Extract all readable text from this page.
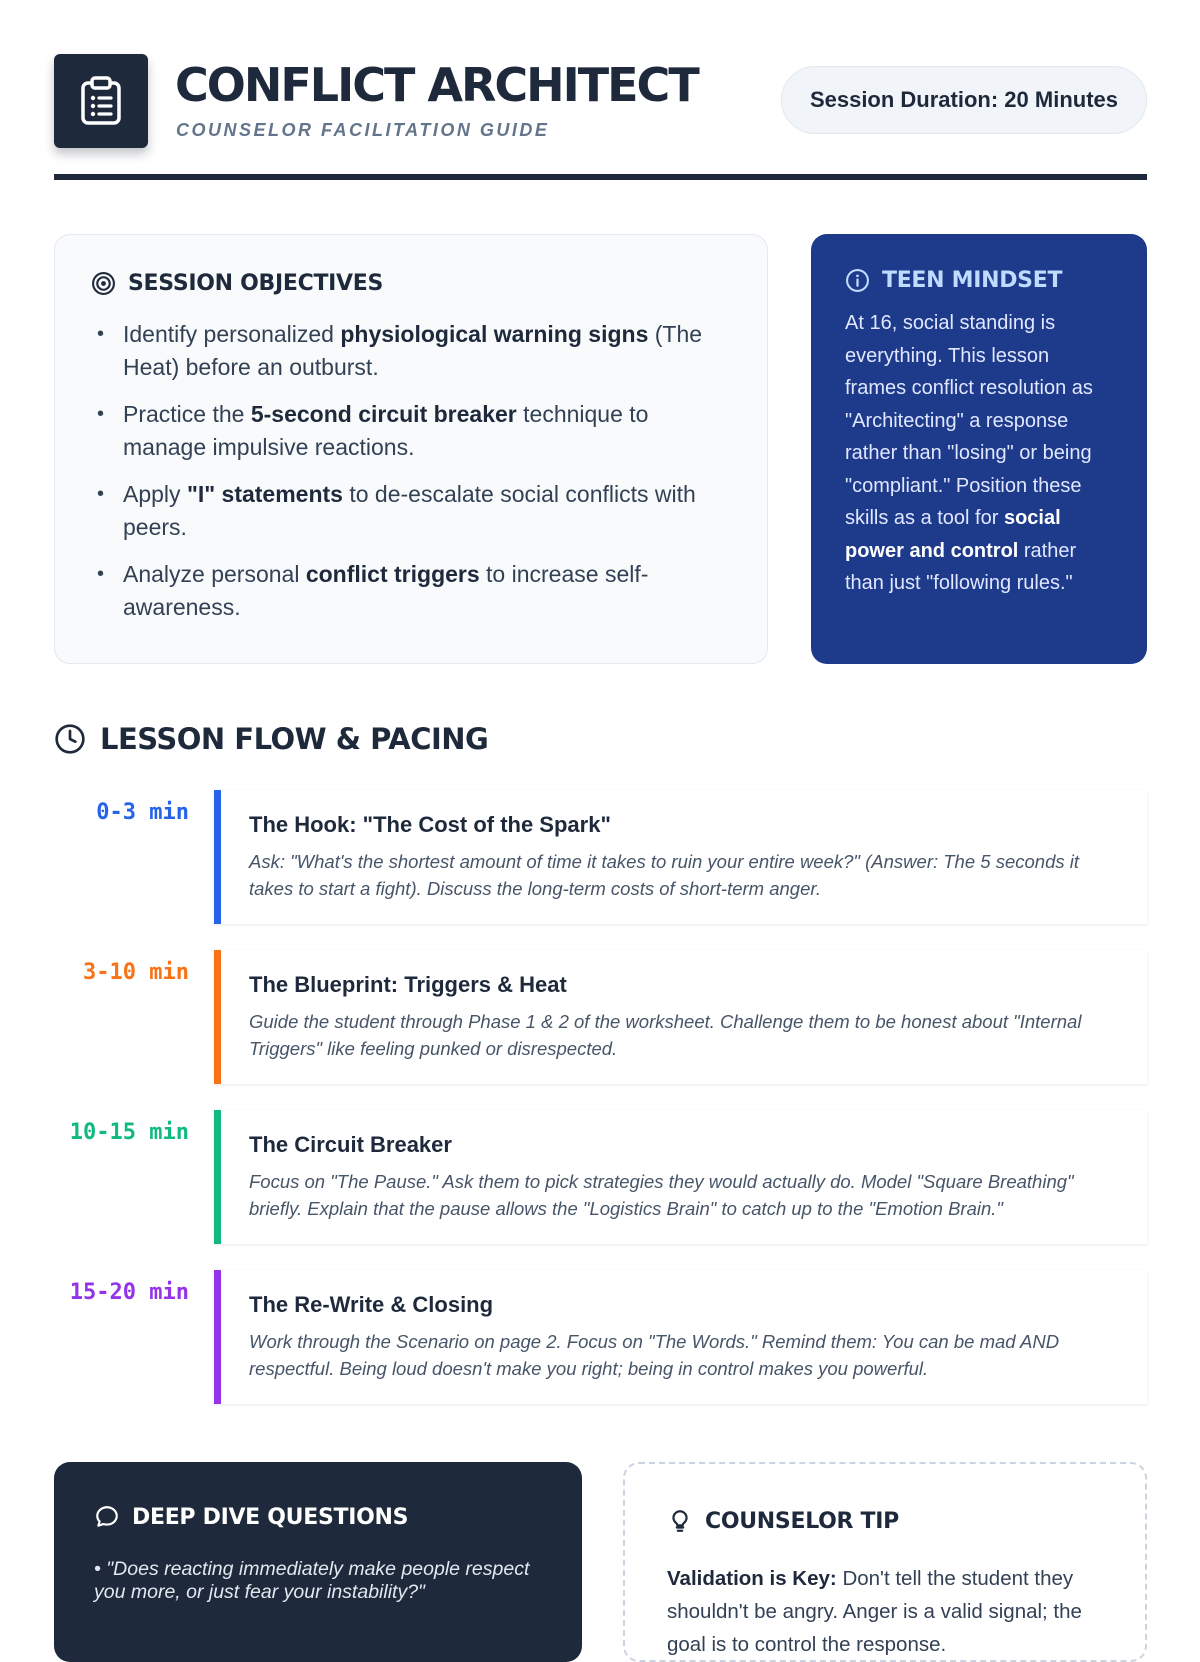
CONFLICT ARCHITECT
COUNSELOR FACILITATION GUIDE
Session Duration: 20 Minutes
SESSION OBJECTIVES
• Identify personalized physiological warning signs (The Heat) before an outburst.
• Practice the 5-second circuit breaker technique to manage impulsive reactions.
• Apply "I" statements to de-escalate social conflicts with peers.
• Analyze personal conflict triggers to increase self-awareness.
TEEN MINDSET

At 16, social standing is everything. This lesson frames conflict resolution as "Architecting" a response rather than "losing" or being "compliant." Position these skills as a tool for social power and control rather than just "following rules."

LESSON FLOW & PACING
0-3 min	The Hook: "The Cost of the Spark"
Ask: "What's the shortest amount of time it takes to ruin your entire week?" (Answer: The 5 seconds it takes to start a fight). Discuss the long-term costs of short-term anger.
3-10 min	The Blueprint: Triggers & Heat
Guide the student through Phase 1 & 2 of the worksheet. Challenge them to be honest about "Internal Triggers" like feeling punked or disrespected.
10-15 min	The Circuit Breaker
Focus on "The Pause." Ask them to pick strategies they would actually do. Model "Square Breathing" briefly. Explain that the pause allows the "Logistics Brain" to catch up to the "Emotion Brain."
15-20 min	The Re-Write & Closing
Work through the Scenario on page 2. Focus on "The Words." Remind them: You can be mad AND respectful. Being loud doesn't make you right; being in control makes you powerful.
DEEP DIVE QUESTIONS

• "Does reacting immediately make people respect you more, or just fear your instability?"

COUNSELOR TIP

Validation is Key: Don't tell the student they shouldn't be angry. Anger is a valid signal; the goal is to control the response.
